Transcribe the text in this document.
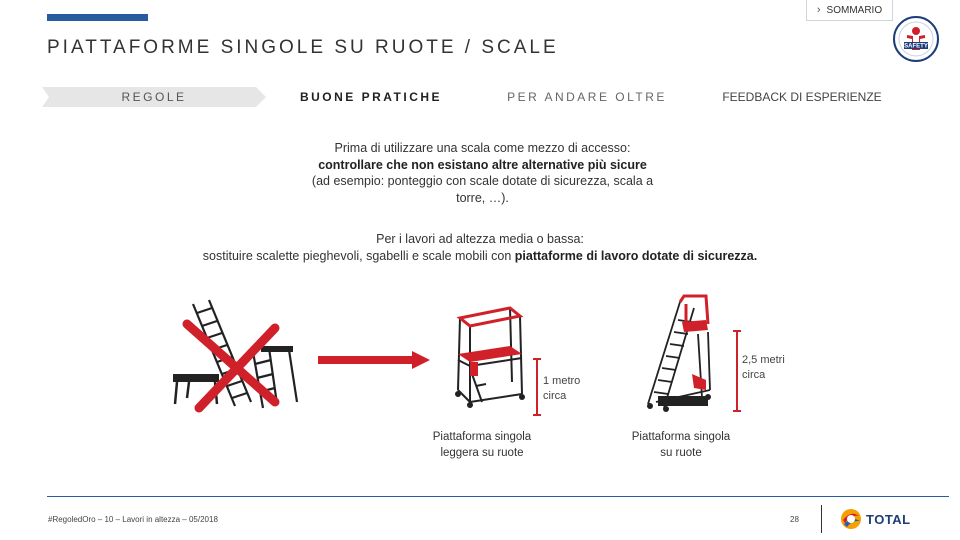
› SOMMARIO
PIATTAFORME SINGOLE SU RUOTE / SCALE	SAFETY
REGOLE	BUONE PRATICHE	PER ANDARE OLTRE	FEEDBACK DI ESPERIENZE
Prima di utilizzare una scala come mezzo di accesso:
controllare che non esistano altre alternative più sicure (ad esempio: ponteggio con scale dotate di sicurezza, scala a torre, …).
Per i lavori ad altezza media o bassa:
sostituire scalette pieghevoli, sgabelli e scale mobili con piattaforme di lavoro dotate di sicurezza.
1 metro
circa
2,5 metri
circa
Piattaforma singola
leggera su ruote
Piattaforma singola
su ruote
#RegoledOro – 10 – Lavori in altezza – 05/2018	28	TOTAL
